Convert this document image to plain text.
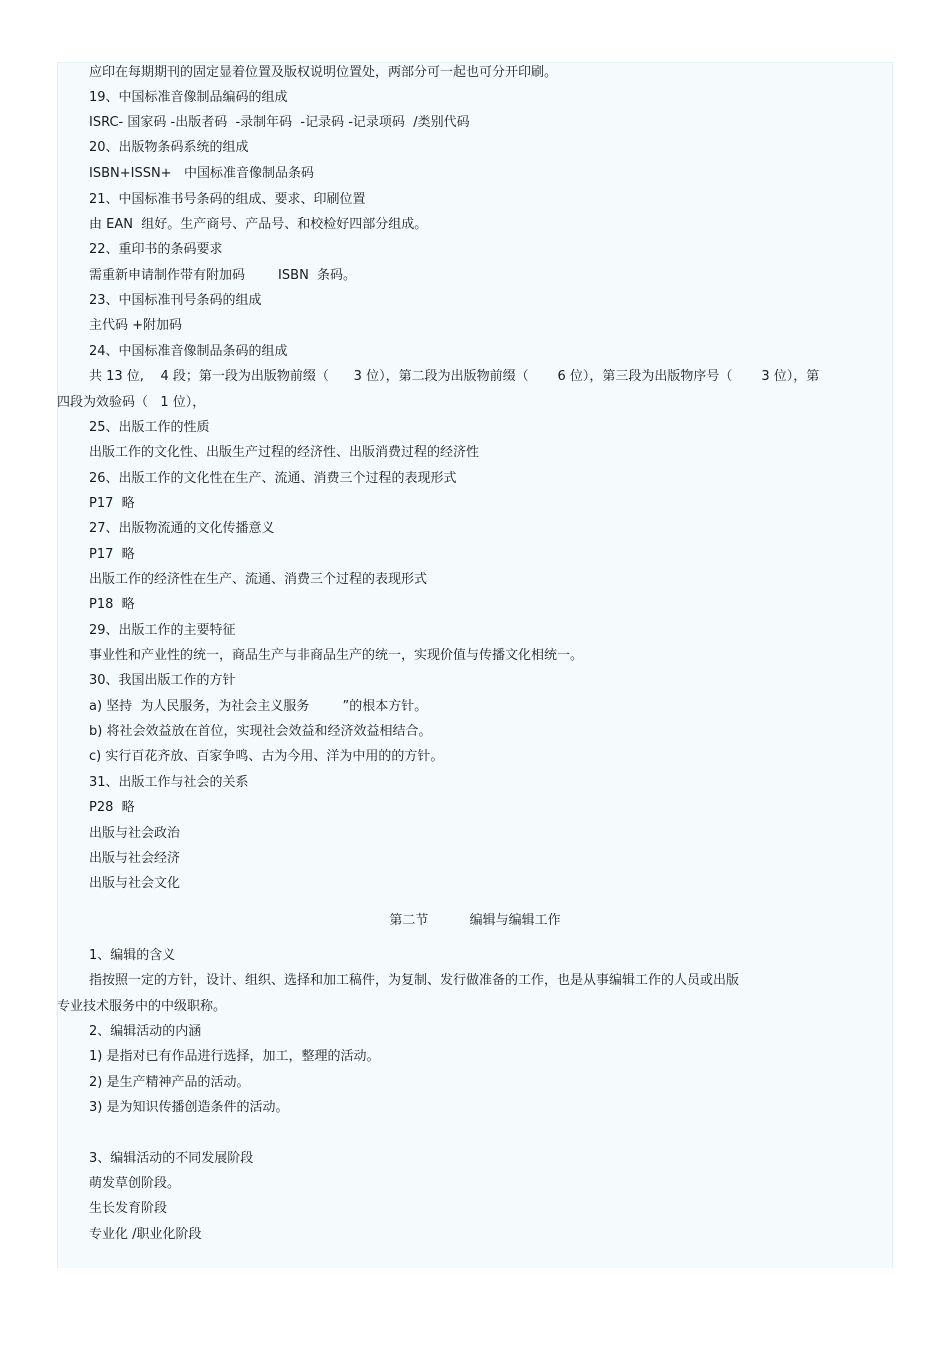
应印在每期期刊的固定显着位置及版权说明位置处，两部分可一起也可分开印刷。

19、中国标准音像制品编码的组成

ISRC- 国家码 -出版者码  -录制年码  -记录码 -记录项码  /类别代码

20、出版物条码系统的组成

ISBN+ISSN+   中国标准音像制品条码

21、中国标准书号条码的组成、要求、印刷位置

由 EAN  组好。生产商号、产品号、和校检好四部分组成。

22、重印书的条码要求

需重新申请制作带有附加码        ISBN  条码。

23、中国标准刊号条码的组成

主代码 +附加码

24、中国标准音像制品条码的组成

共 13 位,    4 段；第一段为出版物前缀（      3 位），第二段为出版物前缀（       6 位），第三段为出版物序号（       3 位），第

四段为效验码（   1 位），

25、出版工作的性质

出版工作的文化性、出版生产过程的经济性、出版消费过程的经济性

26、出版工作的文化性在生产、流通、消费三个过程的表现形式

P17  略

27、出版物流通的文化传播意义

P17  略

出版工作的经济性在生产、流通、消费三个过程的表现形式

P18  略

29、出版工作的主要特征

事业性和产业性的统一，商品生产与非商品生产的统一，实现价值与传播文化相统一。

30、我国出版工作的方针

a) 坚持  为人民服务，为社会主义服务        ”的根本方针。

b) 将社会效益放在首位，实现社会效益和经济效益相结合。

c) 实行百花齐放、百家争鸣、古为今用、洋为中用的的方针。

31、出版工作与社会的关系

P28  略

出版与社会政治

出版与社会经济

出版与社会文化

第二节          编辑与编辑工作

1、编辑的含义

指按照一定的方针，设计、组织、选择和加工稿件，为复制、发行做准备的工作，也是从事编辑工作的人员或出版

专业技术服务中的中级职称。

2、编辑活动的内涵

1) 是指对已有作品进行选择，加工，整理的活动。

2) 是生产精神产品的活动。

3) 是为知识传播创造条件的活动。

3、编辑活动的不同发展阶段

萌发草创阶段。

生长发育阶段

专业化 /职业化阶段
